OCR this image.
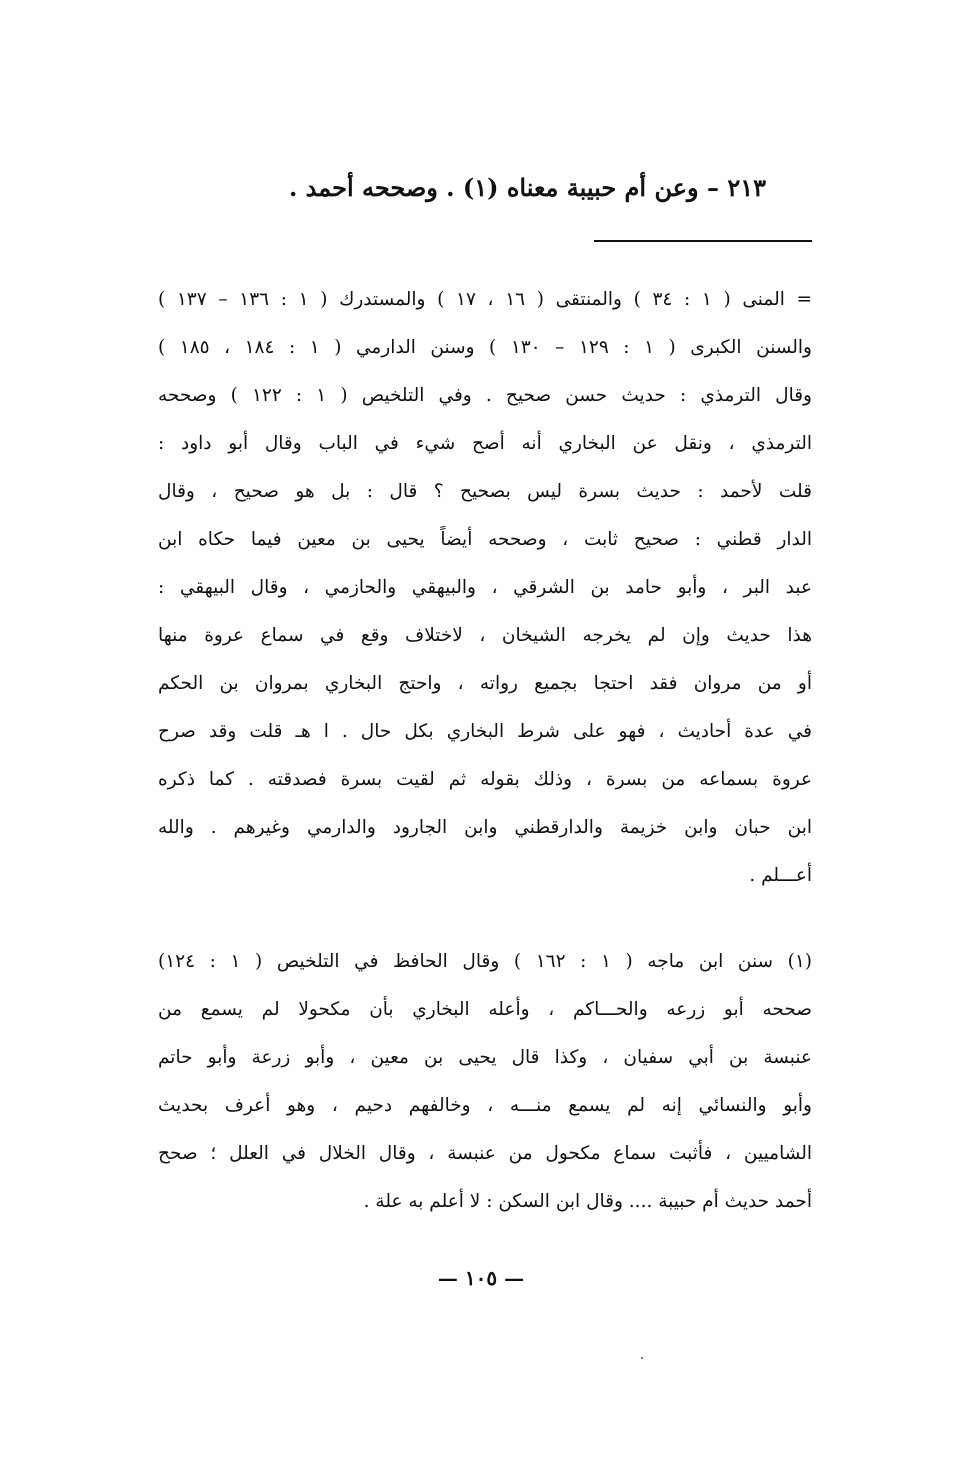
٢١٣ – وعن أم حبيبة معناه (١) . وصححه أحمد .
= المنى ( ١ : ٣٤ ) والمنتقى ( ١٦ ، ١٧ ) والمستدرك ( ١ : ١٣٦ – ١٣٧ )
والسنن الكبرى ( ١ : ١٢٩ – ١٣٠ ) وسنن الدارمي ( ١ : ١٨٤ ، ١٨٥ )
وقال الترمذي : حديث حسن صحيح . وفي التلخيص ( ١ : ١٢٢ ) وصححه
الترمذي ، ونقل عن البخاري أنه أصح شيء في الباب وقال أبو داود :
قلت لأحمد : حديث بسرة ليس بصحيح ؟ قال : بل هو صحيح ، وقال
الدار قطني : صحيح ثابت ، وصححه أيضاً يحيى بن معين فيما حكاه ابن
عبد البر ، وأبو حامد بن الشرقي ، والبيهقي والحازمي ، وقال البيهقي :
هذا حديث وإن لم يخرجه الشيخان ، لاختلاف وقع في سماع عروة منها
أو من مروان فقد احتجا بجميع رواته ، واحتج البخاري بمروان بن الحكم
في عدة أحاديث ، فهو على شرط البخاري بكل حال . ا هـ قلت وقد صرح
عروة بسماعه من بسرة ، وذلك بقوله ثم لقيت بسرة فصدقته . كما ذكره
ابن حبان وابن خزيمة والدارقطني وابن الجارود والدارمي وغيرهم . والله
أعـــلم .
(١) سنن ابن ماجه ( ١ : ١٦٢ ) وقال الحافظ في التلخيص ( ١ : ١٢٤)
صححه أبو زرعه والحـــاكم ، وأعله البخاري بأن مكحولا لم يسمع من
عنبسة بن أبي سفيان ، وكذا قال يحيى بن معين ، وأبو زرعة وأبو حاتم
وأبو والنسائي إنه لم يسمع منـــه ، وخالفهم دحيم ، وهو أعرف بحديث
الشاميين ، فأثبت سماع مكحول من عنبسة ، وقال الخلال في العلل ؛ صحح
أحمد حديث أم حبيبة .... وقال ابن السكن : لا أعلم به علة .
— ١٠٥ —
